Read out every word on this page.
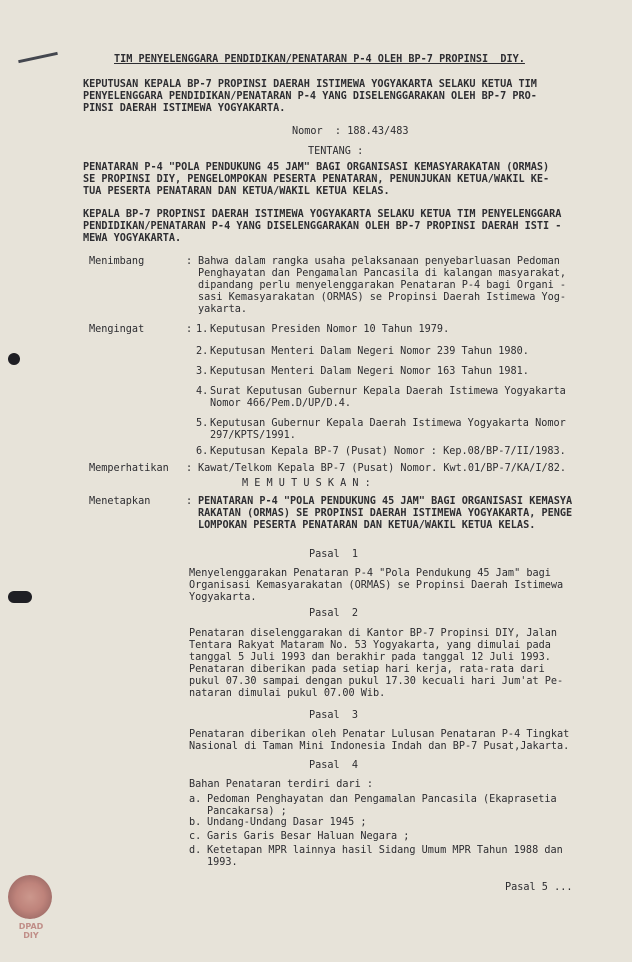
TIM PENYELENGGARA PENDIDIKAN/PENATARAN P-4 OLEH BP-7 PROPINSI  DIY.
KEPUTUSAN KEPALA BP-7 PROPINSI DAERAH ISTIMEWA YOGYAKARTA SELAKU KETUA TIM
PENYELENGGARA PENDIDIKAN/PENATARAN P-4 YANG DISELENGGARAKAN OLEH BP-7 PRO-
PINSI DAERAH ISTIMEWA YOGYAKARTA.
Nomor  : 188.43/483
TENTANG :
PENATARAN P-4 "POLA PENDUKUNG 45 JAM" BAGI ORGANISASI KEMASYARAKATAN (ORMAS)
SE PROPINSI DIY, PENGELOMPOKAN PESERTA PENATARAN, PENUNJUKAN KETUA/WAKIL KE-
TUA PESERTA PENATARAN DAN KETUA/WAKIL KETUA KELAS.
KEPALA BP-7 PROPINSI DAERAH ISTIMEWA YOGYAKARTA SELAKU KETUA TIM PENYELENGGARA
PENDIDIKAN/PENATARAN P-4 YANG DISELENGGARAKAN OLEH BP-7 PROPINSI DAERAH ISTI -
MEWA YOGYAKARTA.
Menimbang	: Bahwa dalam rangka usaha pelaksanaan penyebarluasan Pedoman
Penghayatan dan Pengamalan Pancasila di kalangan masyarakat,
dipandang perlu menyelenggarakan Penataran P-4 bagi Organi -
sasi Kemasyarakatan (ORMAS) se Propinsi Daerah Istimewa Yog-
yakarta.
Mengingat	: 1. Keputusan Presiden Nomor 10 Tahun 1979.
2. Keputusan Menteri Dalam Negeri Nomor 239 Tahun 1980.
3. Keputusan Menteri Dalam Negeri Nomor 163 Tahun 1981.
4. Surat Keputusan Gubernur Kepala Daerah Istimewa Yogyakarta
Nomor 466/Pem.D/UP/D.4.
5. Keputusan Gubernur Kepala Daerah Istimewa Yogyakarta Nomor
297/KPTS/1991.
6. Keputusan Kepala BP-7 (Pusat) Nomor : Kep.08/BP-7/II/1983.
Memperhatikan : Kawat/Telkom Kepala BP-7 (Pusat) Nomor. Kwt.01/BP-7/KA/I/82.
M E M U T U S K A N :
Menetapkan	: PENATARAN P-4 "POLA PENDUKUNG 45 JAM" BAGI ORGANISASI KEMASYA
RAKATAN (ORMAS) SE PROPINSI DAERAH ISTIMEWA YOGYAKARTA, PENGE
LOMPOKAN PESERTA PENATARAN DAN KETUA/WAKIL KETUA KELAS.
Pasal  1
Menyelenggarakan Penataran P-4 "Pola Pendukung 45 Jam" bagi
Organisasi Kemasyarakatan (ORMAS) se Propinsi Daerah Istimewa
Yogyakarta.
Pasal  2
Penataran diselenggarakan di Kantor BP-7 Propinsi DIY, Jalan
Tentara Rakyat Mataram No. 53 Yogyakarta, yang dimulai pada
tanggal 5 Juli 1993 dan berakhir pada tanggal 12 Juli 1993.
Penataran diberikan pada setiap hari kerja, rata-rata dari
pukul 07.30 sampai dengan pukul 17.30 kecuali hari Jum'at Pe-
nataran dimulai pukul 07.00 Wib.
Pasal  3
Penataran diberikan oleh Penatar Lulusan Penataran P-4 Tingkat
Nasional di Taman Mini Indonesia Indah dan BP-7 Pusat,Jakarta.
Pasal  4
Bahan Penataran terdiri dari :
a. Pedoman Penghayatan dan Pengamalan Pancasila (Ekaprasetia
Pancakarsa) ;
b. Undang-Undang Dasar 1945 ;
c. Garis Garis Besar Haluan Negara ;
d. Ketetapan MPR lainnya hasil Sidang Umum MPR Tahun 1988 dan
1993.
Pasal 5 ...
DPAD
DIY
